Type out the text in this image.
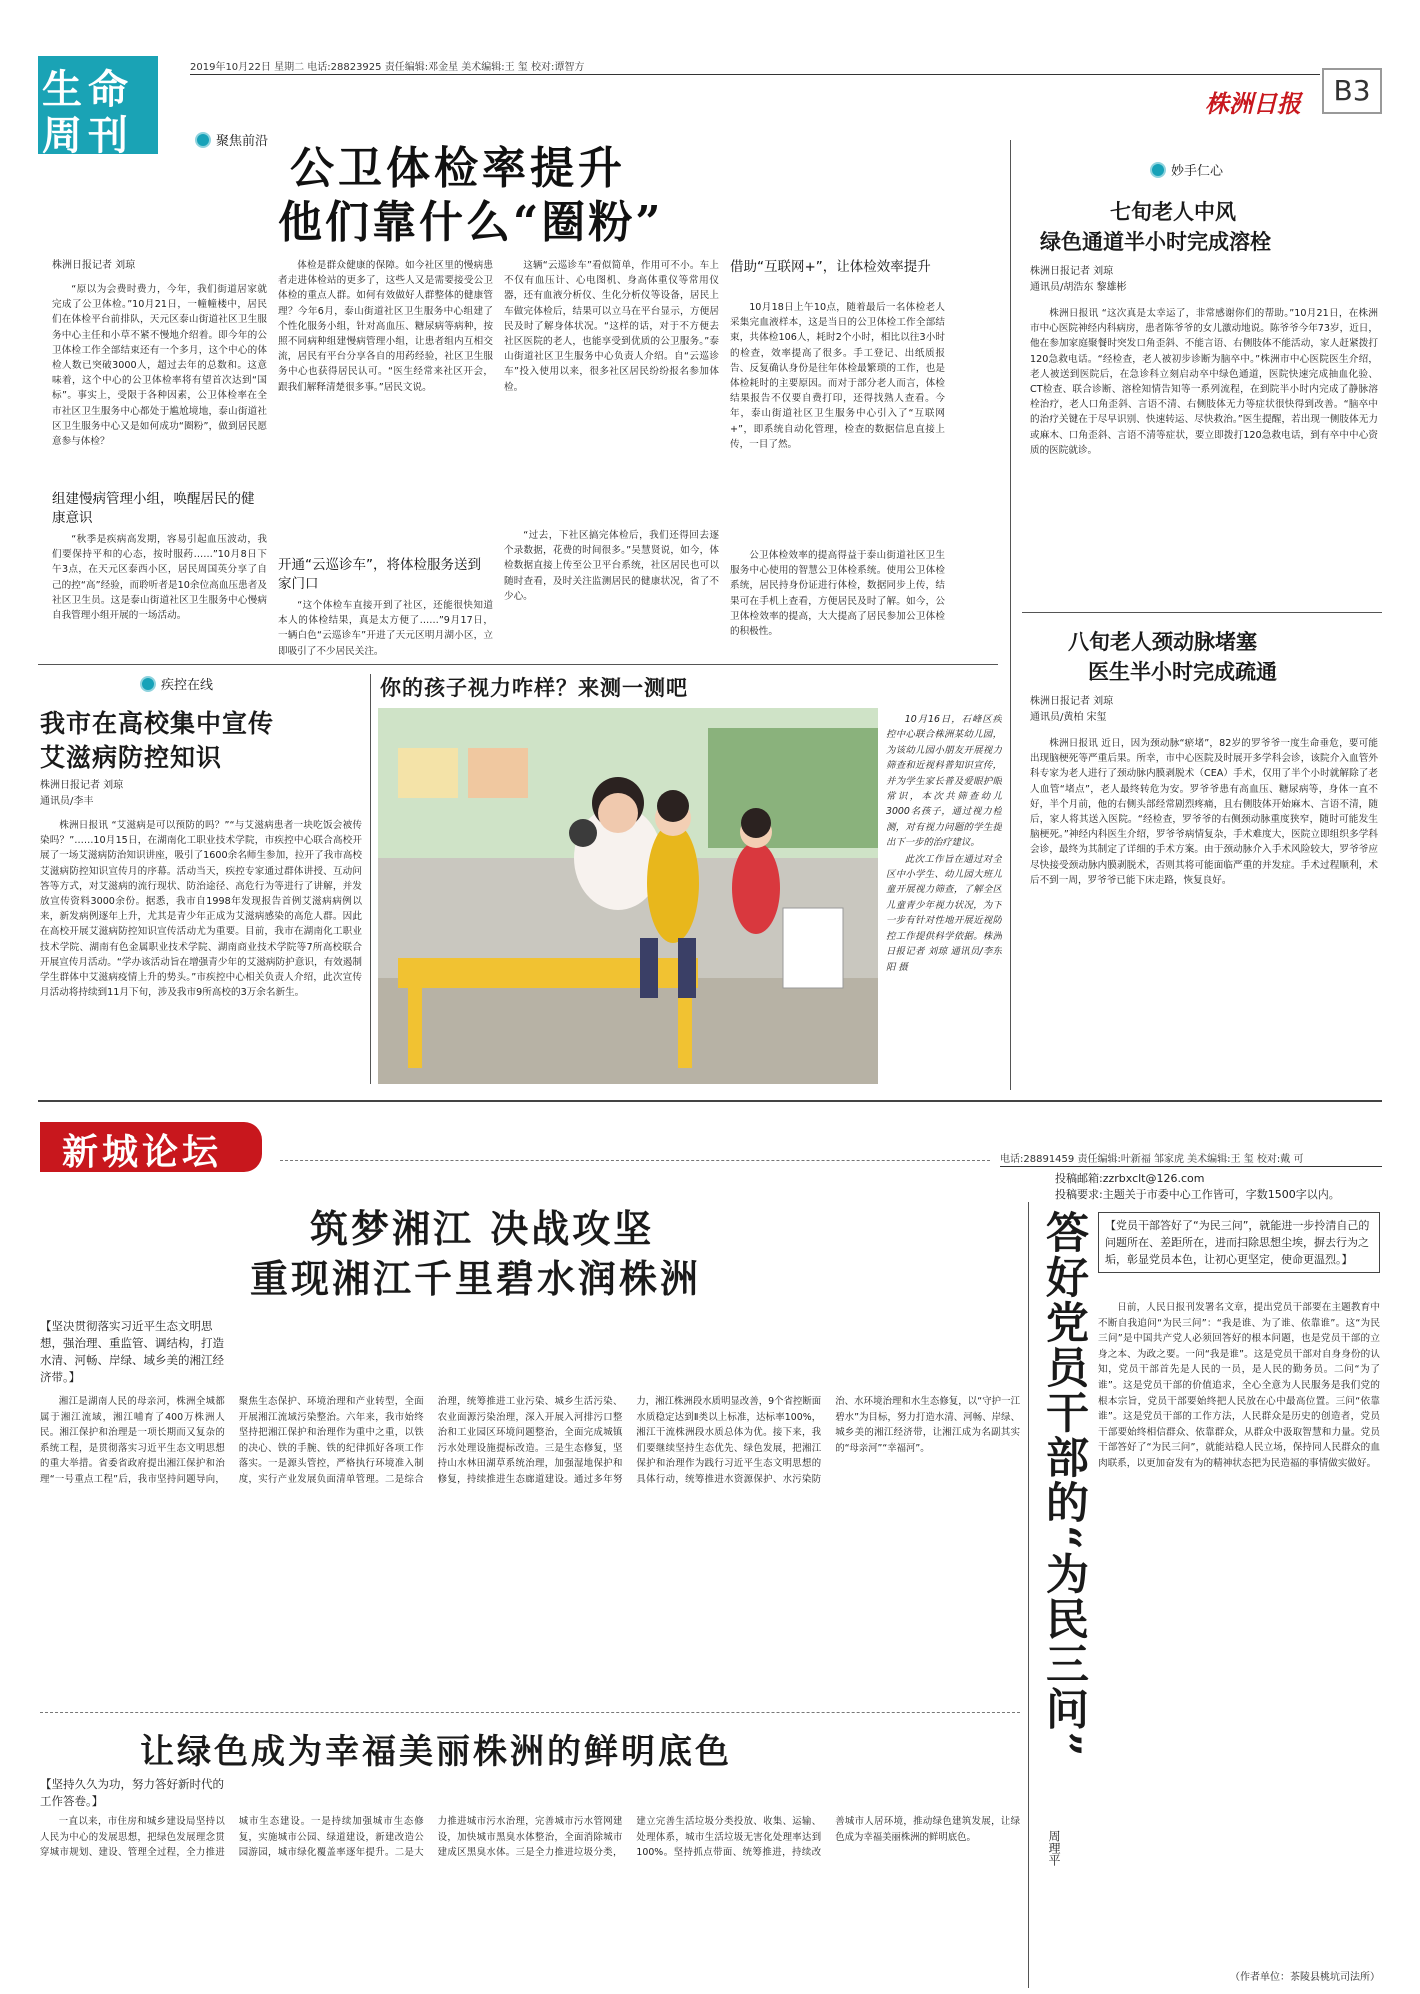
生命
周刊
2019年10月22日 星期二 电话:28823925 责任编辑:邓金星 美术编辑:王 玺 校对:谭智方
株洲日报	B3
聚焦前沿
公卫体检率提升
他们靠什么“圈粉”
株洲日报记者 刘琼

“原以为会费时费力，今年，我们街道居家就完成了公卫体检。”10月21日，一幢幢楼中，居民们在体检平台前排队，天元区泰山街道社区卫生服务中心主任和小草不紧不慢地介绍着。即今年的公卫体检工作全部结束还有一个多月，这个中心的体检人数已突破3000人，超过去年的总数和。这意味着，这个中心的公卫体检率将有望首次达到“国标”。事实上，受限于各种因素，公卫体检率在全市社区卫生服务中心都处于尴尬境地，泰山街道社区卫生服务中心又是如何成功“圈粉”，做到居民愿意参与体检？

组建慢病管理小组，唤醒居民的健康意识

“秋季是疾病高发期，容易引起血压波动，我们要保持平和的心态，按时服药……”10月8日下午3点，在天元区泰西小区，居民周国英分享了自己的控“高”经验，而聆听者是10余位高血压患者及社区卫生员。这是泰山街道社区卫生服务中心慢病自我管理小组开展的一场活动。

体检是群众健康的保障。如今社区里的慢病患者走进体检站的更多了，这些人又是需要接受公卫体检的重点人群。如何有效做好人群整体的健康管理？今年6月，泰山街道社区卫生服务中心组建了个性化服务小组，针对高血压、糖尿病等病种，按照不同病种组建慢病管理小组，让患者组内互相交流，居民有平台分享各自的用药经验，社区卫生服务中心也获得居民认可。“医生经常来社区开会，跟我们解释清楚很多事。”居民文说。

开通“云巡诊车”，将体检服务送到家门口

“这个体检车直接开到了社区，还能很快知道本人的体检结果，真是太方便了……”9月17日，一辆白色“云巡诊车”开进了天元区明月湖小区，立即吸引了不少居民关注。

这辆“云巡诊车”看似简单，作用可不小。车上不仅有血压计、心电图机、身高体重仪等常用仪器，还有血液分析仪、生化分析仪等设备，居民上车做完体检后，结果可以立马在平台显示，方便居民及时了解身体状况。“这样的话，对于不方便去社区医院的老人，也能享受到优质的公卫服务。”泰山街道社区卫生服务中心负责人介绍。自“云巡诊车”投入使用以来，很多社区居民纷纷报名参加体检。

“过去，下社区搞完体检后，我们还得回去逐个录数据，花费的时间很多。”吴慧贤说，如今，体检数据直接上传至公卫平台系统，社区居民也可以随时查看，及时关注监测居民的健康状况，省了不少心。

借助“互联网+”，让体检效率提升

10月18日上午10点，随着最后一名体检老人采集完血液样本，这是当日的公卫体检工作全部结束，共体检106人，耗时2个小时，相比以往3小时的检查，效率提高了很多。手工登记、出纸质报告、反复确认身份是往年体检最繁琐的工作，也是体检耗时的主要原因。而对于部分老人而言，体检结果报告不仅要自费打印，还得找熟人查看。今年，泰山街道社区卫生服务中心引入了“互联网+”，即系统自动化管理，检查的数据信息直接上传，一目了然。

公卫体检效率的提高得益于泰山街道社区卫生服务中心使用的智慧公卫体检系统。使用公卫体检系统，居民持身份证进行体检，数据同步上传，结果可在手机上查看，方便居民及时了解。如今，公卫体检效率的提高，大大提高了居民参加公卫体检的积极性。

疾控在线
我市在高校集中宣传
艾滋病防控知识
株洲日报记者 刘琼
通讯员/李丰

株洲日报讯 “艾滋病是可以预防的吗？”“与艾滋病患者一块吃饭会被传染吗？”……10月15日，在湖南化工职业技术学院，市疾控中心联合高校开展了一场艾滋病防治知识讲座，吸引了1600余名师生参加，拉开了我市高校艾滋病防控知识宣传月的序幕。活动当天，疾控专家通过群体讲授、互动问答等方式，对艾滋病的流行现状、防治途径、高危行为等进行了讲解，并发放宣传资料3000余份。据悉，我市自1998年发现报告首例艾滋病病例以来，新发病例逐年上升，尤其是青少年正成为艾滋病感染的高危人群。因此在高校开展艾滋病防控知识宣传活动尤为重要。目前，我市在湖南化工职业技术学院、湖南有色金属职业技术学院、湖南商业技术学院等7所高校联合开展宣传月活动。“学办该活动旨在增强青少年的艾滋病防护意识，有效遏制学生群体中艾滋病疫情上升的势头。”市疾控中心相关负责人介绍，此次宣传月活动将持续到11月下旬，涉及我市9所高校的3万余名新生。

你的孩子视力咋样？来测一测吧

10月16日，石峰区疾控中心联合株洲某幼儿园，为该幼儿园小朋友开展视力筛查和近视科普知识宣传，并为学生家长普及爱眼护眼常识，本次共筛查幼儿3000名孩子，通过视力检测，对有视力问题的学生提出下一步的治疗建议。

此次工作旨在通过对全区中小学生、幼儿园大班儿童开展视力筛查，了解全区儿童青少年视力状况，为下一步有针对性地开展近视防控工作提供科学依据。株洲日报记者 刘琼 通讯员/李东阳 摄

妙手仁心
七旬老人中风
绿色通道半小时完成溶栓
株洲日报记者 刘琼
通讯员/胡浩东 黎雄彬

株洲日报讯 “这次真是太幸运了，非常感谢你们的帮助。”10月21日，在株洲市中心医院神经内科病房，患者陈爷爷的女儿激动地说。陈爷爷今年73岁，近日，他在参加家庭聚餐时突发口角歪斜、不能言语、右侧肢体不能活动，家人赶紧拨打120急救电话。“经检查，老人被初步诊断为脑卒中。”株洲市中心医院医生介绍，老人被送到医院后，在急诊科立刻启动卒中绿色通道，医院快速完成抽血化验、CT检查、联合诊断、溶栓知情告知等一系列流程，在到院半小时内完成了静脉溶栓治疗，老人口角歪斜、言语不清、右侧肢体无力等症状很快得到改善。“脑卒中的治疗关键在于尽早识别、快速转运、尽快救治。”医生提醒，若出现一侧肢体无力或麻木、口角歪斜、言语不清等症状，要立即拨打120急救电话，到有卒中中心资质的医院就诊。

八旬老人颈动脉堵塞
医生半小时完成疏通
株洲日报记者 刘琼
通讯员/黄柏 宋玺

株洲日报讯 近日，因为颈动脉“瘀堵”，82岁的罗爷爷一度生命垂危，要可能出现脑梗死等严重后果。所幸，市中心医院及时展开多学科会诊，该院介入血管外科专家为老人进行了颈动脉内膜剥脱术（CEA）手术，仅用了半个小时就解除了老人血管“堵点”，老人最终转危为安。罗爷爷患有高血压、糖尿病等，身体一直不好，半个月前，他的右侧头部经常剧烈疼痛，且右侧肢体开始麻木、言语不清，随后，家人将其送入医院。“经检查，罗爷爷的右侧颈动脉重度狭窄，随时可能发生脑梗死。”神经内科医生介绍，罗爷爷病情复杂，手术难度大，医院立即组织多学科会诊，最终为其制定了详细的手术方案。由于颈动脉介入手术风险较大，罗爷爷应尽快接受颈动脉内膜剥脱术，否则其将可能面临严重的并发症。手术过程顺利，术后不到一周，罗爷爷已能下床走路，恢复良好。

新城论坛	电话:28891459 责任编辑:叶新福 邹家虎 美术编辑:王 玺 校对:戴 可
投稿邮箱:zzrbxclt@126.com
投稿要求:主题关于市委中心工作皆可，字数1500字以内。
筑梦湘江 决战攻坚
重现湘江千里碧水润株洲
【坚决贯彻落实习近平生态文明思想，强治理、重监管、调结构，打造水清、河畅、岸绿、域乡美的湘江经济带。】

湘江是湖南人民的母亲河，株洲全城都属于湘江流域，湘江哺育了400万株洲人民。湘江保护和治理是一项长期而又复杂的系统工程，是贯彻落实习近平生态文明思想的重大举措。省委省政府提出湘江保护和治理“一号重点工程”后，我市坚持问题导向，聚焦生态保护、环境治理和产业转型，全面开展湘江流域污染整治。六年来，我市始终坚持把湘江保护和治理作为重中之重，以铁的决心、铁的手腕、铁的纪律抓好各项工作落实。一是源头管控，严格执行环境准入制度，实行产业发展负面清单管理。二是综合治理，统筹推进工业污染、城乡生活污染、农业面源污染治理，深入开展入河排污口整治和工业园区环境问题整治，全面完成城镇污水处理设施提标改造。三是生态修复，坚持山水林田湖草系统治理，加强湿地保护和修复，持续推进生态廊道建设。通过多年努力，湘江株洲段水质明显改善，9个省控断面水质稳定达到Ⅱ类以上标准，达标率100%，湘江干流株洲段水质总体为优。接下来，我们要继续坚持生态优先、绿色发展，把湘江保护和治理作为践行习近平生态文明思想的具体行动，统筹推进水资源保护、水污染防治、水环境治理和水生态修复，以“守护一江碧水”为目标，努力打造水清、河畅、岸绿、城乡美的湘江经济带，让湘江成为名副其实的“母亲河”“幸福河”。

让绿色成为幸福美丽株洲的鲜明底色
【坚持久久为功，努力答好新时代的工作答卷。】

一直以来，市住房和城乡建设局坚持以人民为中心的发展思想，把绿色发展理念贯穿城市规划、建设、管理全过程，全力推进城市生态建设。一是持续加强城市生态修复，实施城市公园、绿道建设，新建改造公园游园，城市绿化覆盖率逐年提升。二是大力推进城市污水治理，完善城市污水管网建设，加快城市黑臭水体整治，全面消除城市建成区黑臭水体。三是全力推进垃圾分类，建立完善生活垃圾分类投放、收集、运输、处理体系，城市生活垃圾无害化处理率达到100%。坚持抓点带面、统筹推进，持续改善城市人居环境，推动绿色建筑发展，让绿色成为幸福美丽株洲的鲜明底色。

答好党员干部的“为民三问”
周理平
【党员干部答好了“为民三问”，就能进一步拎清自己的问题所在、差距所在，进而扫除思想尘埃，摒去行为之垢，彰显党员本色，让初心更坚定，使命更温烈。】

日前，人民日报刊发署名文章，提出党员干部要在主题教育中不断自我追问“为民三问”：“我是谁、为了谁、依靠谁”。这“为民三问”是中国共产党人必须回答好的根本问题，也是党员干部的立身之本、为政之要。一问“我是谁”。这是党员干部对自身身份的认知，党员干部首先是人民的一员，是人民的勤务员。二问“为了谁”。这是党员干部的价值追求，全心全意为人民服务是我们党的根本宗旨，党员干部要始终把人民放在心中最高位置。三问“依靠谁”。这是党员干部的工作方法，人民群众是历史的创造者，党员干部要始终相信群众、依靠群众，从群众中汲取智慧和力量。党员干部答好了“为民三问”，就能站稳人民立场，保持同人民群众的血肉联系，以更加奋发有为的精神状态把为民造福的事情做实做好。

（作者单位：茶陵县桃坑司法所）
